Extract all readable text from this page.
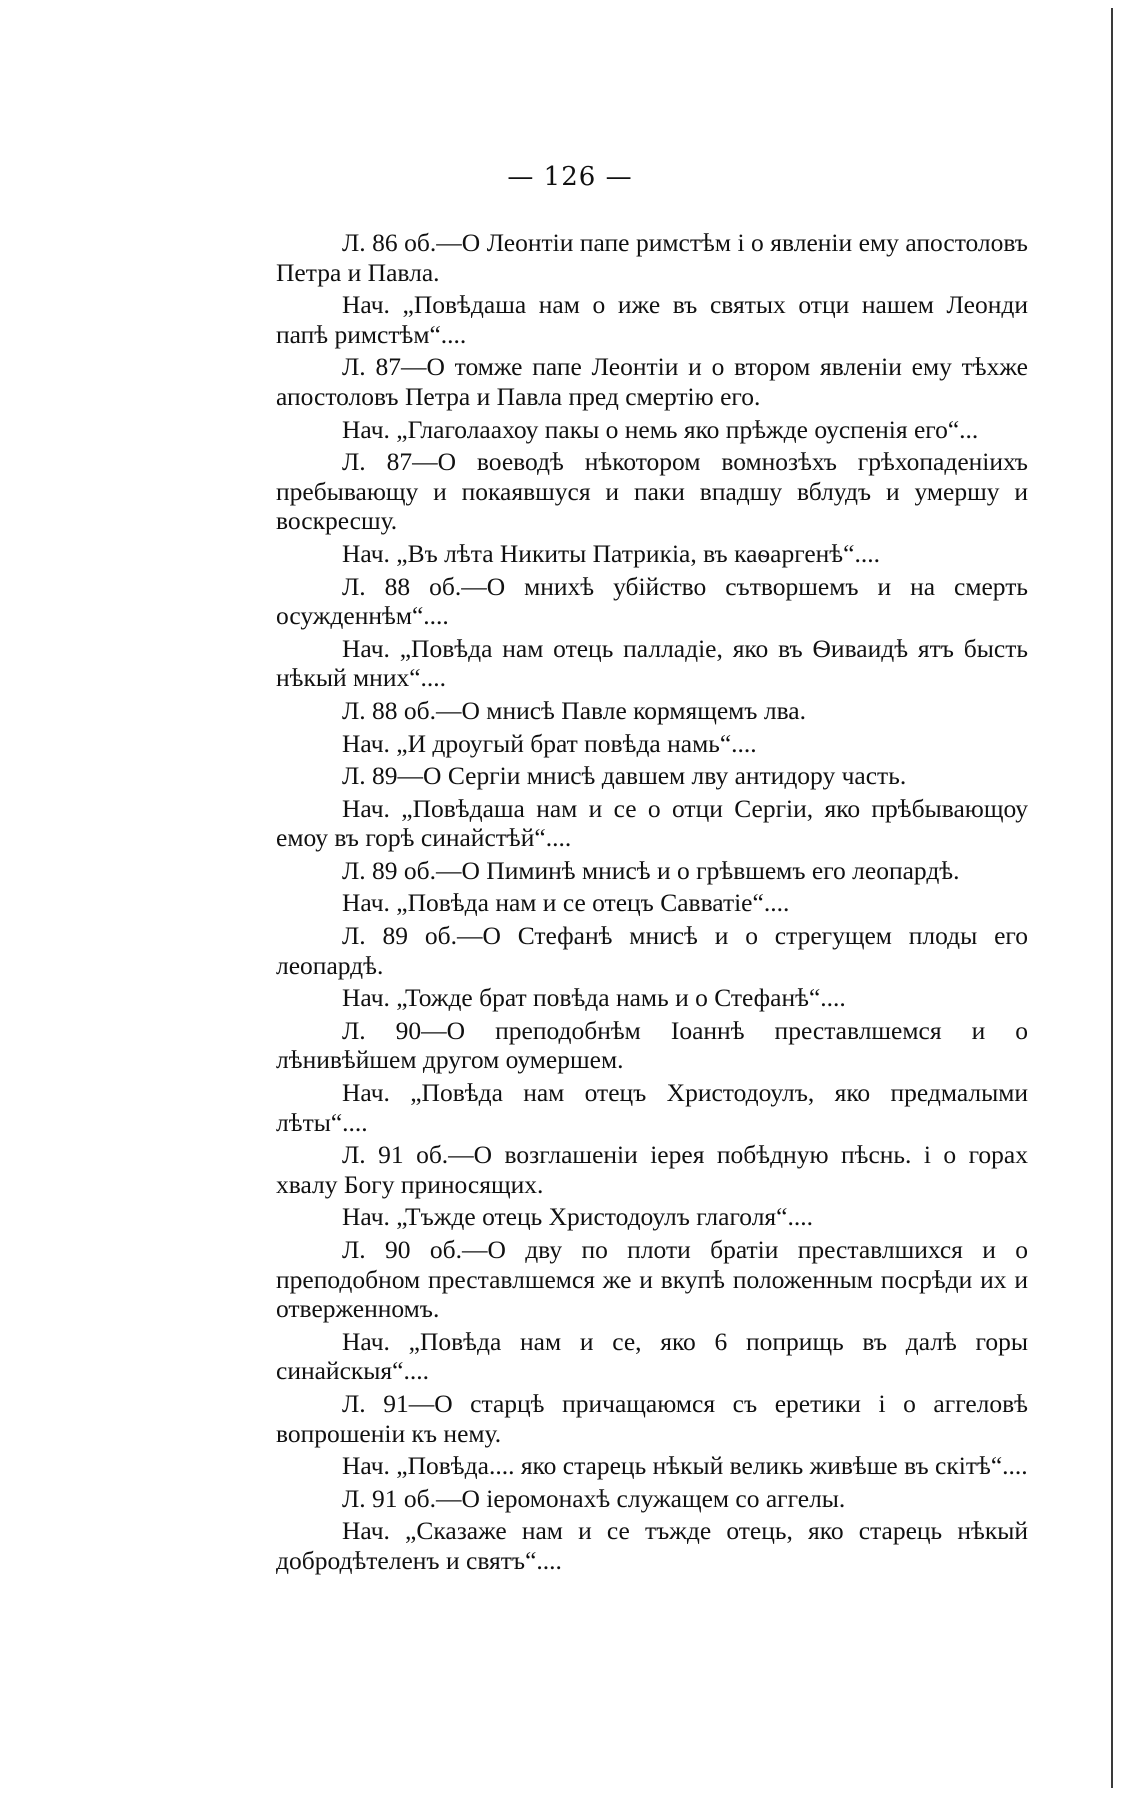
— 126 —

Л. 86 об.—О Леонтіи папе римстѣм і о явленіи ему апостоловъ Петра и Павла.

Нач. „Повѣдаша нам о иже въ святых отци нашем Леонди папѣ римстѣм“....

Л. 87—О томже папе Леонтіи и о втором явленіи ему тѣхже апостоловъ Петра и Павла пред смертію его.

Нач. „Глаголаахоу пакы о немь яко прѣжде оуспенія его“...

Л. 87—О воеводѣ нѣкотором вомнозѣхъ грѣхопаденіихъ пребывающу и покаявшуся и паки впадшу вблудъ и умершу и воскресшу.

Нач. „Въ лѣта Никиты Патрикіа, въ каѳаргенѣ“....

Л. 88 об.—О мнихѣ убійство сътворшемъ и на смерть осужденнѣм“....

Нач. „Повѣда нам отець палладіе, яко въ Ѳиваидѣ ятъ бысть нѣкый мних“....

Л. 88 об.—О мнисѣ Павле кормящемъ лва.

Нач. „И дроугый брат повѣда намь“....

Л. 89—О Сергіи мнисѣ давшем лву антидору часть.

Нач. „Повѣдаша нам и се о отци Сергіи, яко прѣбывающоу емоу въ горѣ синайстѣй“....

Л. 89 об.—О Пиминѣ мнисѣ и о грѣвшемъ его леопардѣ.

Нач. „Повѣда нам и се отецъ Савватіе“....

Л. 89 об.—О Стефанѣ мнисѣ и о стрегущем плоды его леопардѣ.

Нач. „Тожде брат повѣда намь и о Стефанѣ“....

Л. 90—О преподобнѣм Іоаннѣ преставлшемся и о лѣнивѣйшем другом оумершем.

Нач. „Повѣда нам отецъ Христодоулъ, яко предмалыми лѣты“....

Л. 91 об.—О возглашеніи іерея побѣдную пѣснь. і о горах хвалу Богу приносящих.

Нач. „Тъжде отець Христодоулъ глаголя“....

Л. 90 об.—О дву по плоти братіи преставлшихся и о преподобном преставлшемся же и вкупѣ положенным посрѣди их и отверженномъ.

Нач. „Повѣда нам и се, яко 6 поприщь въ далѣ горы синайскыя“....

Л. 91—О старцѣ причащаюмся съ еретики і о аггеловѣ вопрошеніи къ нему.

Нач. „Повѣда.... яко старець нѣкый великь живѣше въ скітѣ“....

Л. 91 об.—О іеромонахѣ служащем со аггелы.

Нач. „Сказаже нам и се тъжде отець, яко старець нѣкый добродѣтеленъ и святъ“....
